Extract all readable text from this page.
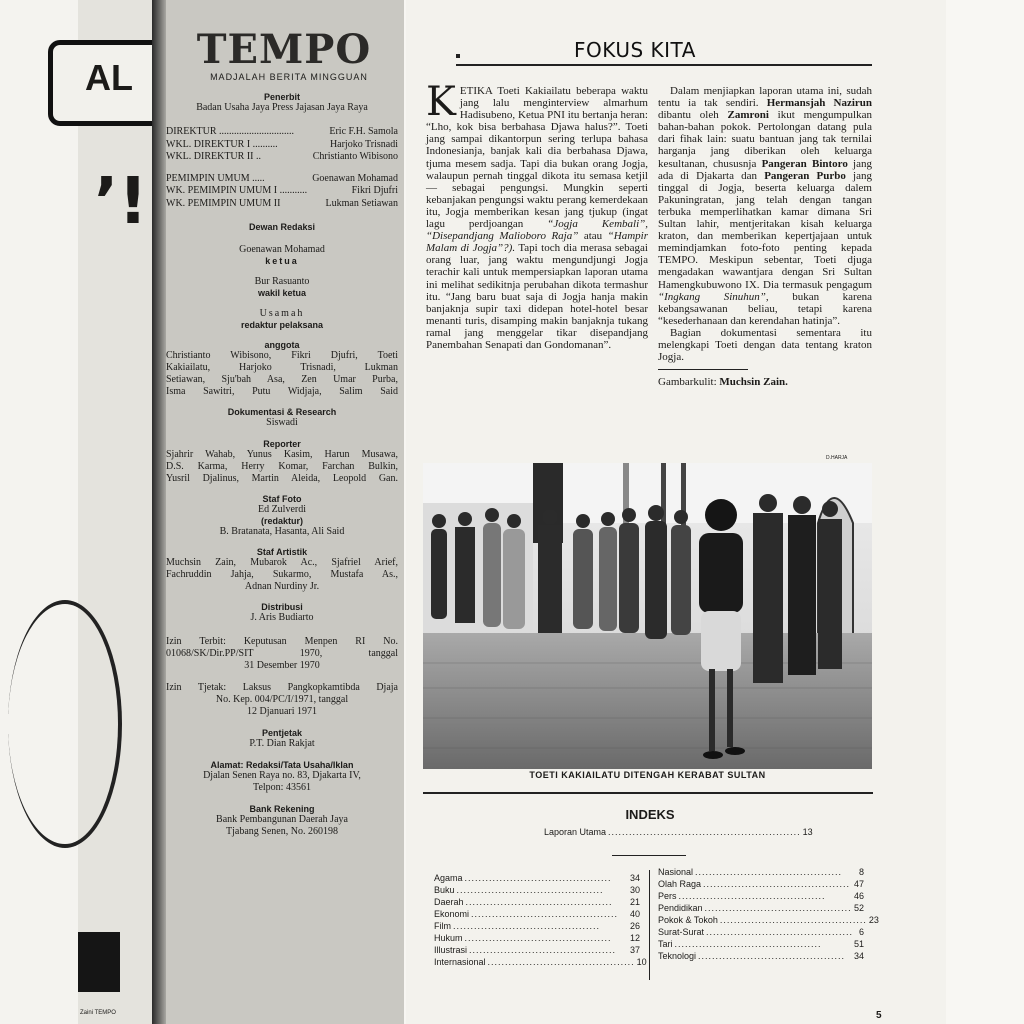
AL
’!
Zaini TEMPO
TEMPO
MADJALAH BERITA MINGGUAN

Penerbit

Badan Usaha Jaya Press Jajasan Jaya Raya

DIREKTUR ..............................	Eric F.H. Samola
WKL. DIREKTUR I ..........	Harjoko Trisnadi
WKL. DIREKTUR II ..	Christianto Wibisono
PEMIMPIN UMUM .....	Goenawan Mohamad
WK. PEMIMPIN UMUM I ...........	Fikri Djufri
WK. PEMIMPIN UMUM II	Lukman Setiawan

Dewan Redaksi

Goenawan Mohamad

ketua

Bur Rasuanto

wakil ketua

Usamah

redaktur pelaksana

anggota

Christianto Wibisono, Fikri Djufri, Toeti

Kakiailatu, Harjoko Trisnadi, Lukman

Setiawan, Sju'bah Asa, Zen Umar Purba,

Isma Sawitri, Putu Widjaja, Salim Said

Dokumentasi & Research

Siswadi

Reporter

Sjahrir Wahab, Yunus Kasim, Harun Musawa,

D.S. Karma, Herry Komar, Farchan Bulkin,

Yusril Djalinus, Martin Aleida, Leopold Gan.

Staf Foto

Ed Zulverdi

(redaktur)

B. Bratanata, Hasanta, Ali Said

Staf Artistik

Muchsin Zain, Mubarok Ac., Sjafriel Arief,

Fachruddin Jahja, Sukarmo, Mustafa As.,

Adnan Nurdiny Jr.

Distribusi

J. Aris Budiarto

Izin Terbit: Keputusan Menpen RI No.

01068/SK/Dir.PP/SIT 1970, tanggal

31 Desember 1970

Izin Tjetak: Laksus Pangkopkamtibda Djaja

No. Kep. 004/PC/I/1971, tanggal

12 Djanuari 1971

Pentjetak

P.T. Dian Rakjat

Alamat: Redaksi/Tata Usaha/Iklan

Djalan Senen Raya no. 83, Djakarta IV,

Telpon: 43561

Bank Rekening

Bank Pembangunan Daerah Jaya

Tjabang Senen, No. 260198

FOKUS KITA

KETIKA Toeti Kakiailatu beberapa waktu jang lalu menginterview almarhum Hadisubeno, Ketua PNI itu bertanja heran: “Lho, kok bisa berbahasa Djawa halus?”. Toeti jang sampai dikantorpun sering terlupa bahasa Indonesianja, banjak kali dia berbahasa Djawa, tjuma mesem sadja. Tapi dia bukan orang Jogja, walaupun pernah tinggal dikota itu semasa ketjil — sebagai pengungsi. Mungkin seperti kebanjakan pengungsi waktu perang kemerdekaan itu, Jogja memberikan kesan jang tjukup (ingat lagu perdjoangan “Jogja Kembali”, “Disepandjang Malioboro Raja” atau “Hampir Malam di Jogja”?). Tapi toch dia merasa sebagai orang luar, jang waktu mengundjungi Jogja terachir kali untuk mempersiapkan laporan utama ini melihat sedikitnja perubahan dikota termashur itu. “Jang baru buat saja di Jogja hanja makin banjaknja supir taxi didepan hotel-hotel besar menanti turis, disamping makin banjaknja tukang ramal jang menggelar tikar disepandjang Panembahan Senapati dan Gondomanan”.

Dalam menjiapkan laporan utama ini, sudah tentu ia tak sendiri. Hermansjah Nazirun dibantu oleh Zamroni ikut mengumpulkan bahan-bahan pokok. Pertolongan datang pula dari fihak lain: suatu bantuan jang tak ternilai harganja jang diberikan oleh keluarga kesultanan, chususnja Pangeran Bintoro jang ada di Djakarta dan Pangeran Purbo jang tinggal di Jogja, beserta keluarga dalem Pakuningratan, jang telah dengan tangan terbuka memperlihatkan kamar dimana Sri Sultan lahir, mentjeritakan kisah keluarga kraton, dan memberikan kepertjajaan untuk memindjamkan foto-foto penting kepada TEMPO. Meskipun sebentar, Toeti djuga mengadakan wawantjara dengan Sri Sultan Hamengkubuwono IX. Dia termasuk pengagum “Ingkang Sinuhun”, bukan karena kebangsawanan beliau, tetapi karena “kesederhanaan dan kerendahan hatinja”.

Bagian dokumentasi sementara itu melengkapi Toeti dengan data tentang kraton Jogja.

Gambarkulit: Muchsin Zain.

D.HARJA
TOETI KAKIAILATU DITENGAH KERABAT SULTAN
INDEKS
Laporan Utama ....................................................... 13
Agama ..........................................	34
Buku ..........................................	30
Daerah ..........................................	21
Ekonomi ..........................................	40
Film ..........................................	26
Hukum ..........................................	12
Illustrasi ..........................................	37
Internasional .......................................... 10
Nasional ..........................................	8
Olah Raga .......................................... 47
Pers ..........................................	46
Pendidikan .......................................... 52
Pokok & Tokoh .......................................... 23
Surat-Surat .......................................... 6
Tari ..........................................	51
Teknologi .......................................... 34
5
